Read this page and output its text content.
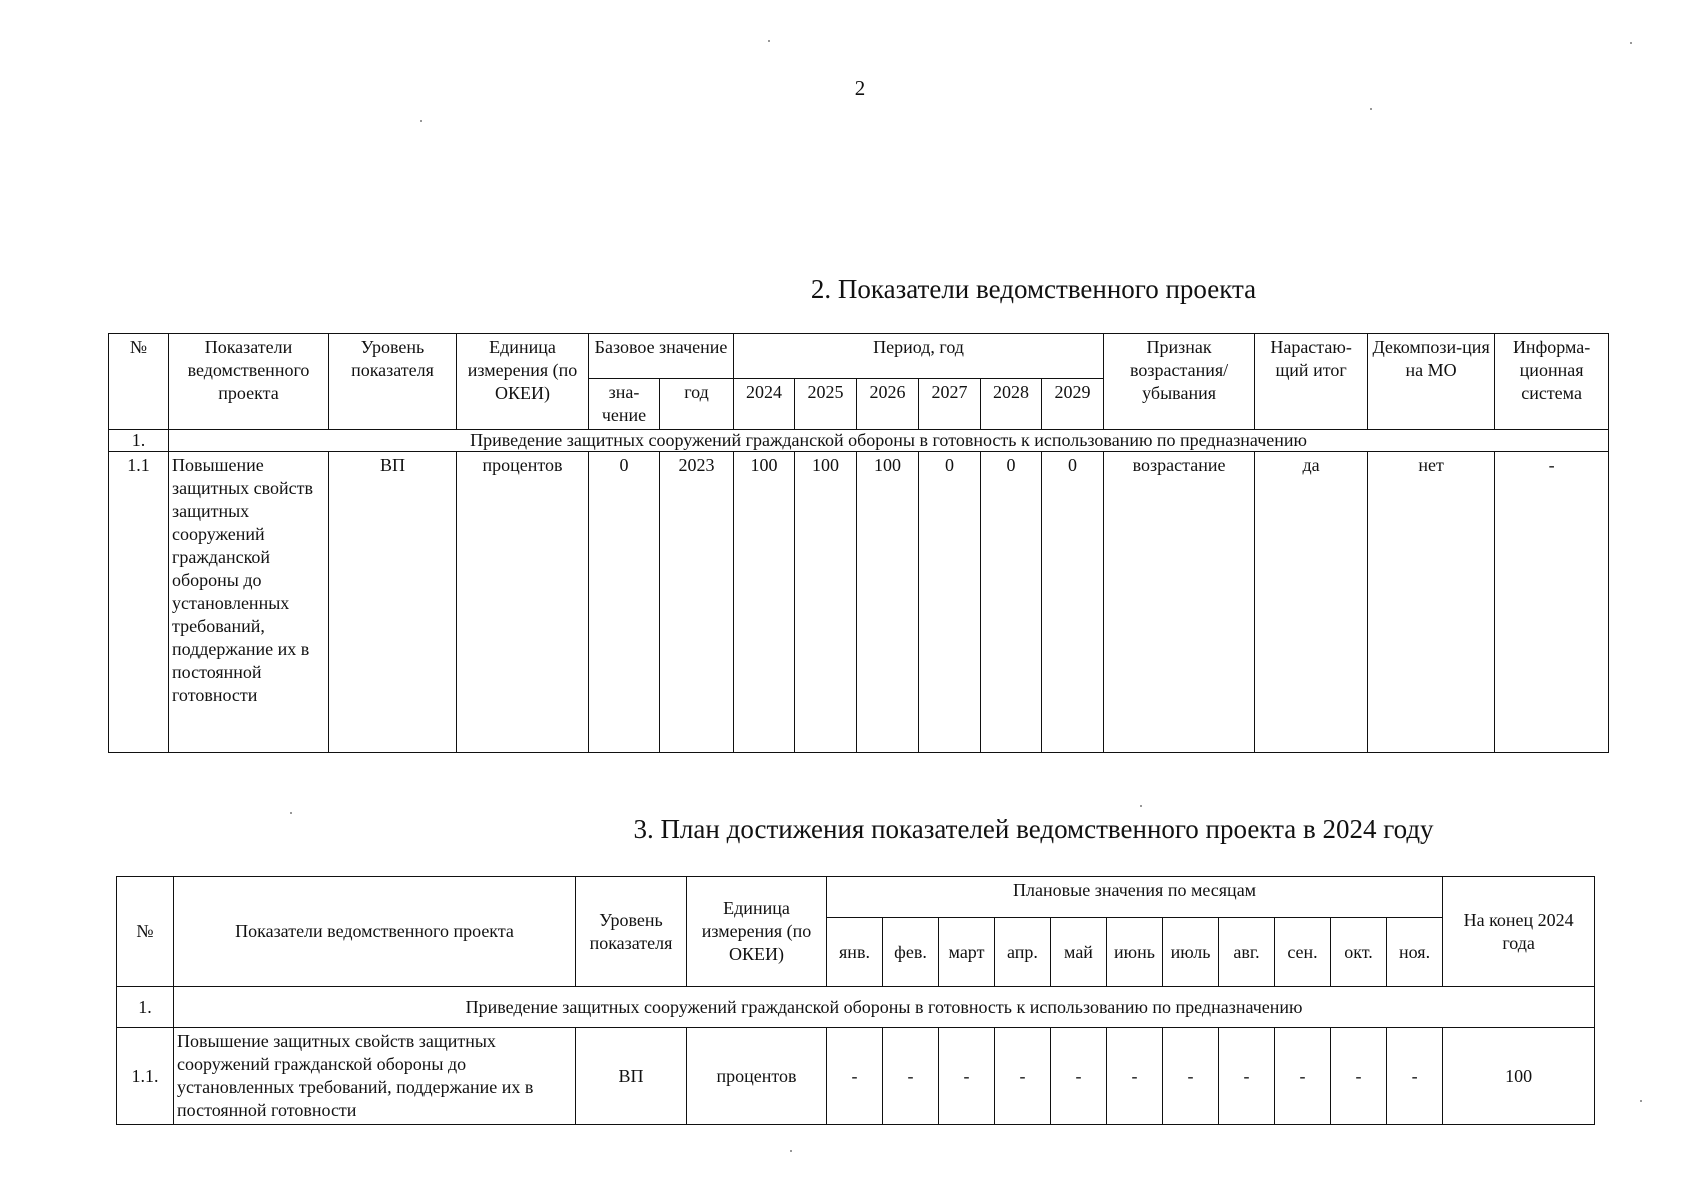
2
2. Показатели ведомственного проекта
№	Показатели ведомственного проекта	Уровень показателя	Единица измерения (по ОКЕИ)	Базовое значение		Период, год						Признак возрастания/ убывания	Нарастаю-щий итог	Декомпози-ция на МО	Информа-ционная система
				зна-чение	год	2024	2025	2026	2027	2028	2029				
1.	Приведение защитных сооружений гражданской обороны в готовность к использованию по предназначению														
1.1	Повышение защитных свойств защитных сооружений гражданской обороны до установленных требований, поддержание их в постоянной готовности	ВП	процентов	0	2023	100	100	100	0	0	0	возрастание	да	нет	-
3. План достижения показателей ведомственного проекта в 2024 году
№	Показатели ведомственного проекта	Уровень показателя	Единица измерения (по ОКЕИ)	Плановые значения по месяцам											На конец 2024 года
				янв.	фев.	март	апр.	май	июнь	июль	авг.	сен.	окт.	ноя.	
1.	Приведение защитных сооружений гражданской обороны в готовность к использованию по предназначению														
1.1.	Повышение защитных свойств защитных сооружений гражданской обороны до установленных требований, поддержание их в постоянной готовности	ВП	процентов	-	-	-	-	-	-	-	-	-	-	-	100
